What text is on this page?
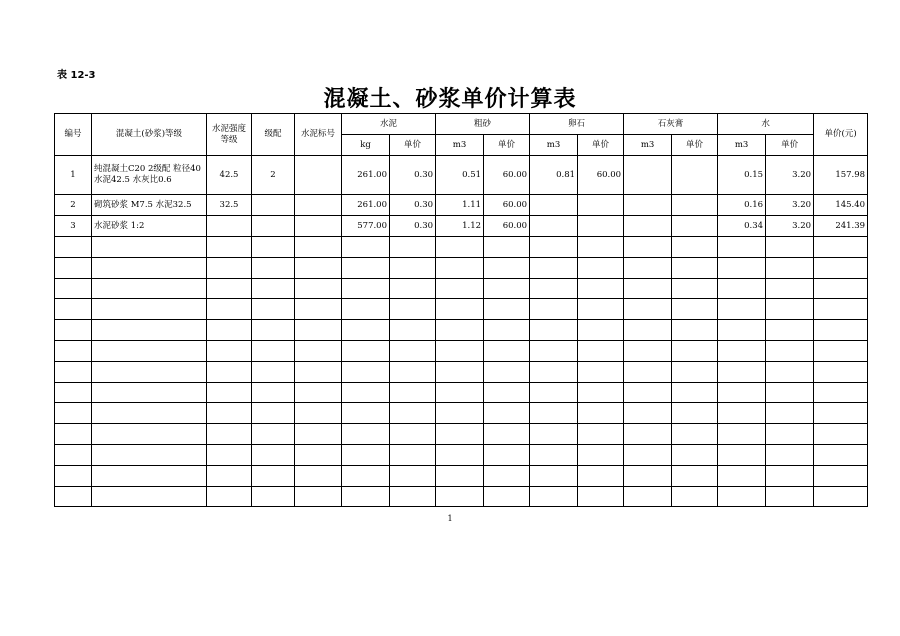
表 12-3
混凝土、砂浆单价计算表
编号	混凝土(砂浆)等级	水泥强度等级	级配	水泥标号	水泥		粗砂		卵石		石灰膏		水		单价(元)
					kg	单价	m3	单价	m3	单价	m3	单价	m3	单价	
1	纯混凝土C20 2级配 粒径40 水泥42.5 水灰比0.6	42.5	2		261.00	0.30	0.51	60.00	0.81	60.00			0.15	3.20	157.98
2	砌筑砂浆 M7.5 水泥32.5	32.5			261.00	0.30	1.11	60.00					0.16	3.20	145.40
3	水泥砂浆 1:2				577.00	0.30	1.12	60.00					0.34	3.20	241.39

1
